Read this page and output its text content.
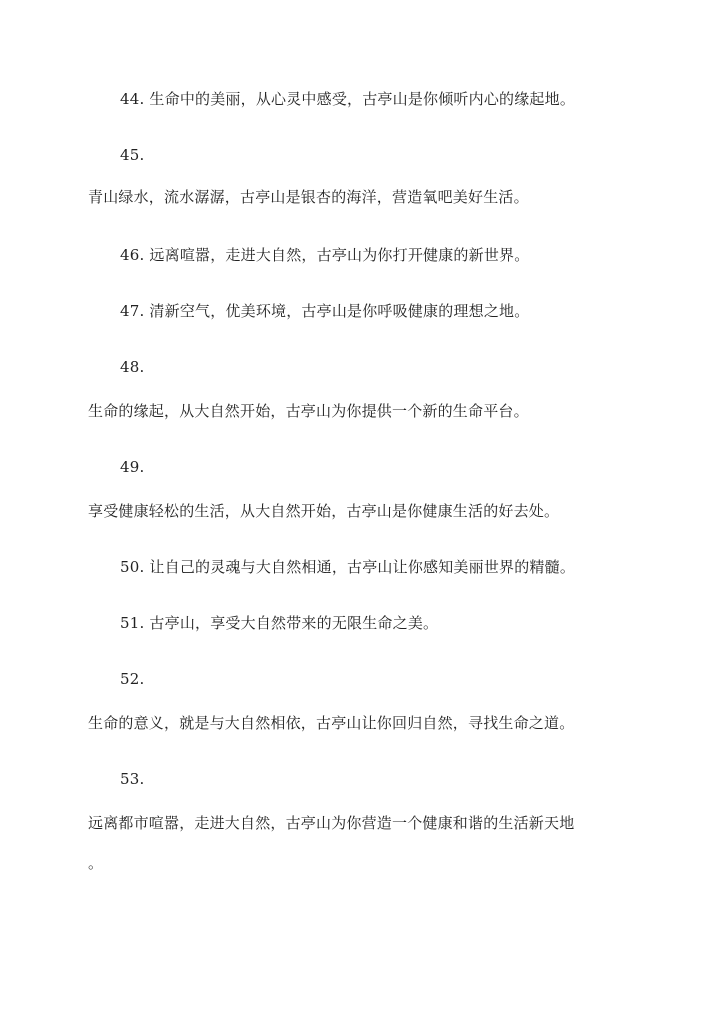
44. 生命中的美丽，从心灵中感受，古亭山是你倾听内心的缘起地。

45.

青山绿水，流水潺潺，古亭山是银杏的海洋，营造氧吧美好生活。

46. 远离喧嚣，走进大自然，古亭山为你打开健康的新世界。

47. 清新空气，优美环境，古亭山是你呼吸健康的理想之地。

48.

生命的缘起，从大自然开始，古亭山为你提供一个新的生命平台。

49.

享受健康轻松的生活，从大自然开始，古亭山是你健康生活的好去处。

50. 让自己的灵魂与大自然相通，古亭山让你感知美丽世界的精髓。

51. 古亭山，享受大自然带来的无限生命之美。

52.

生命的意义，就是与大自然相依，古亭山让你回归自然，寻找生命之道。

53.

远离都市喧嚣，走进大自然，古亭山为你营造一个健康和谐的生活新天地

。
